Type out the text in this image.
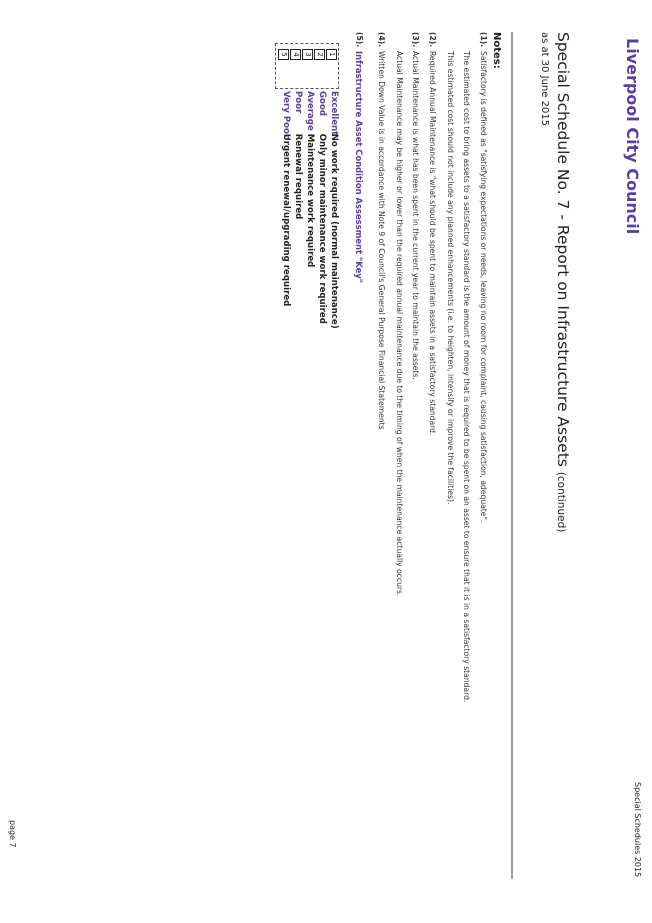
Liverpool City Council
Special Schedules 2015
Special Schedule No. 7 - Report on Infrastructure Assets (continued)
as at 30 June 2015
Notes:
(1).
Satisfactory is defined as "satisfying expectations or needs, leaving no room for complaint, causing satisfaction, adequate".
The estimated cost to bring assets to a satisfactory standard is the amount of money that is required to be spent on an asset to ensure that it is in a satisfactory standard.
This estimated cost should not include any planned enhancements (i.e. to heighten, intensify or improve the facilities).
(2).
Required Annual Maintenance is "what should be spent to maintain assets in a satisfactory standard.
(3).
Actual Maintenance is what has been spent in the current year to maintain the assets.
Actual Maintenance may be higher or lower than the required annual maintenance due to the timing of when the maintenance actually occurs.
(4).
Written Down Value is in accordance with Note 9 of Council's General Purpose Financial Statements
(5).
Infrastructure Asset Condition Assessment "Key"
1
2
3
4
5
Excellent No work required (normal maintenance)
Good Only minor maintenance work required
Average Maintenance work required
Poor Renewal required
Very Poor Urgent renewal/upgrading required
page 7
